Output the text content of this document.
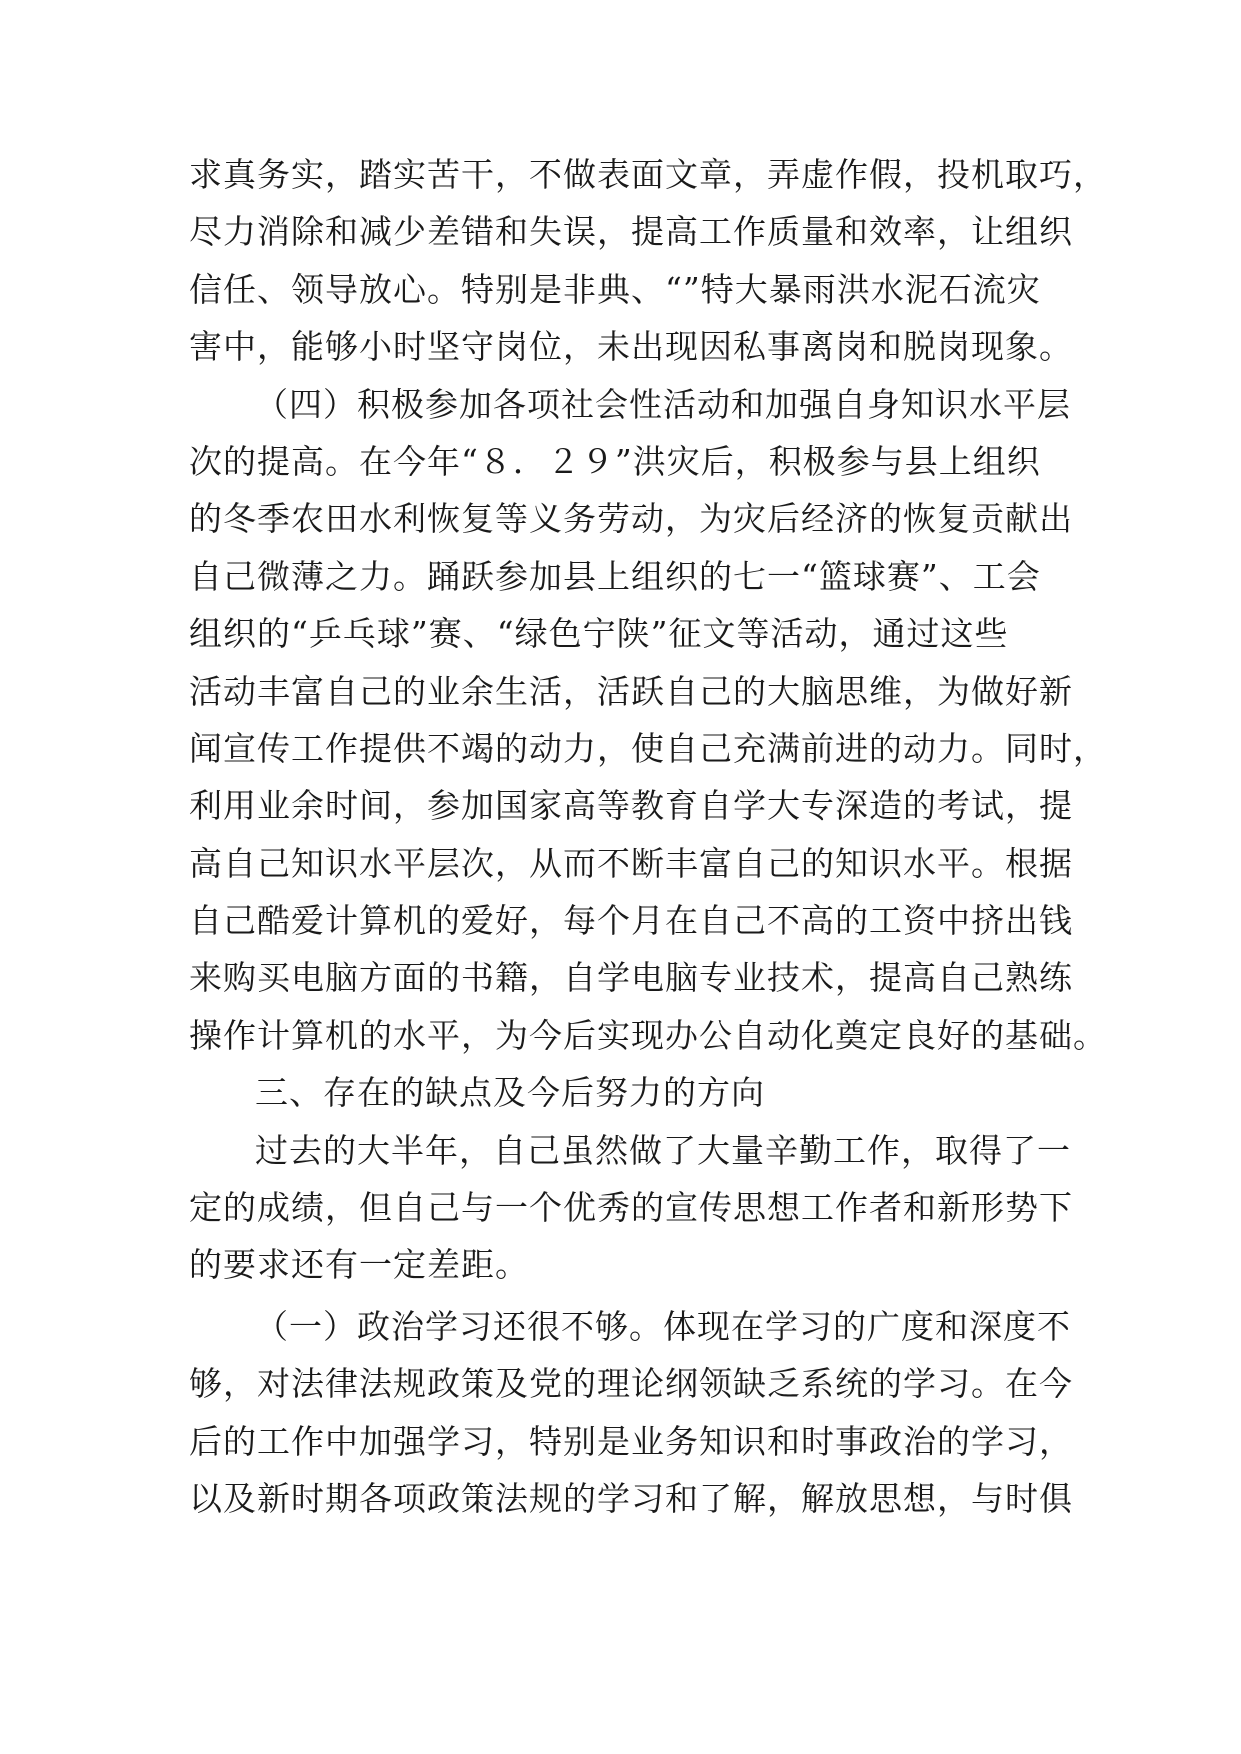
求真务实，踏实苦干，不做表面文章，弄虚作假，投机取巧，
尽力消除和减少差错和失误，提高工作质量和效率，让组织
信任、领导放心。特别是非典、“”特大暴雨洪水泥石流灾
害中，能够小时坚守岗位，未出现因私事离岗和脱岗现象。
（四）积极参加各项社会性活动和加强自身知识水平层
次的提高。在今年“８．２９”洪灾后，积极参与县上组织
的冬季农田水利恢复等义务劳动，为灾后经济的恢复贡献出
自己微薄之力。踊跃参加县上组织的七一“篮球赛”、工会
组织的“乒乓球”赛、“绿色宁陕”征文等活动，通过这些
活动丰富自己的业余生活，活跃自己的大脑思维，为做好新
闻宣传工作提供不竭的动力，使自己充满前进的动力。同时，
利用业余时间，参加国家高等教育自学大专深造的考试，提
高自己知识水平层次，从而不断丰富自己的知识水平。根据
自己酷爱计算机的爱好，每个月在自己不高的工资中挤出钱
来购买电脑方面的书籍，自学电脑专业技术，提高自己熟练
操作计算机的水平，为今后实现办公自动化奠定良好的基础。
三、存在的缺点及今后努力的方向
过去的大半年，自己虽然做了大量辛勤工作，取得了一
定的成绩，但自己与一个优秀的宣传思想工作者和新形势下
的要求还有一定差距。
（一）政治学习还很不够。体现在学习的广度和深度不
够，对法律法规政策及党的理论纲领缺乏系统的学习。在今
后的工作中加强学习，特别是业务知识和时事政治的学习，
以及新时期各项政策法规的学习和了解，解放思想，与时俱
